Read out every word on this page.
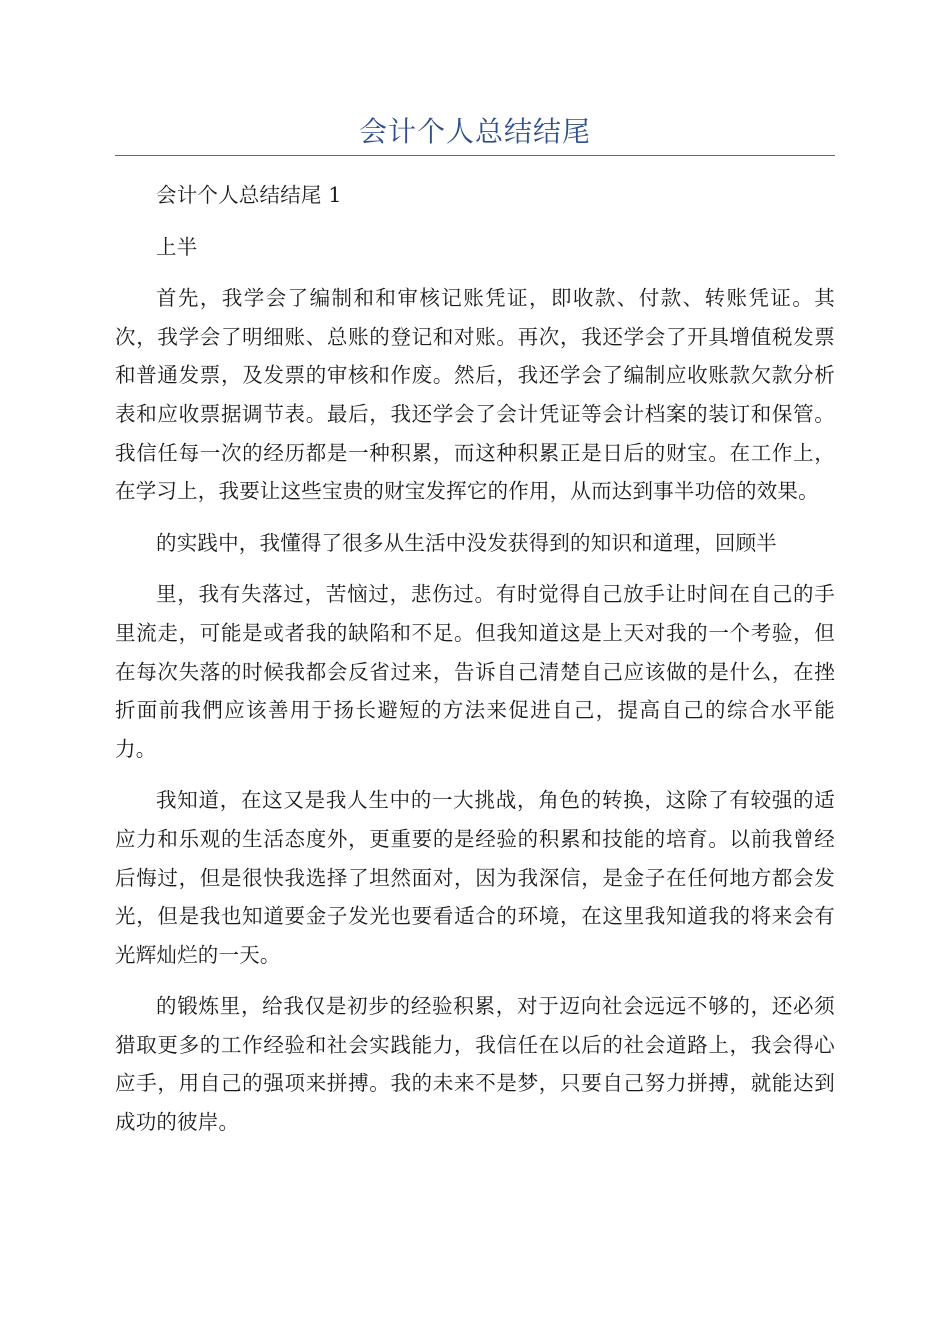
会计个人总结结尾

会计个人总结结尾 1

上半

首先，我学会了编制和和审核记账凭证，即收款、付款、转账凭证。其次，我学会了明细账、总账的登记和对账。再次，我还学会了开具增值税发票和普通发票，及发票的审核和作废。然后，我还学会了编制应收账款欠款分析表和应收票据调节表。最后，我还学会了会计凭证等会计档案的装订和保管。我信任每一次的经历都是一种积累，而这种积累正是日后的财宝。在工作上，在学习上，我要让这些宝贵的财宝发挥它的作用，从而达到事半功倍的效果。

的实践中，我懂得了很多从生活中没发获得到的知识和道理，回顾半

里，我有失落过，苦恼过，悲伤过。有时觉得自己放手让时间在自己的手里流走，可能是或者我的缺陷和不足。但我知道这是上天对我的一个考验，但在每次失落的时候我都会反省过来，告诉自己清楚自己应该做的是什么，在挫折面前我們应该善用于扬长避短的方法来促进自己，提高自己的综合水平能力。

我知道，在这又是我人生中的一大挑战，角色的转换，这除了有较强的适应力和乐观的生活态度外，更重要的是经验的积累和技能的培育。以前我曾经后悔过，但是很快我选择了坦然面对，因为我深信，是金子在任何地方都会发光，但是我也知道要金子发光也要看适合的环境，在这里我知道我的将来会有光辉灿烂的一天。

的锻炼里，给我仅是初步的经验积累，对于迈向社会远远不够的，还必须猎取更多的工作经验和社会实践能力，我信任在以后的社会道路上，我会得心应手，用自己的强项来拼搏。我的未来不是梦，只要自己努力拼搏，就能达到成功的彼岸。
